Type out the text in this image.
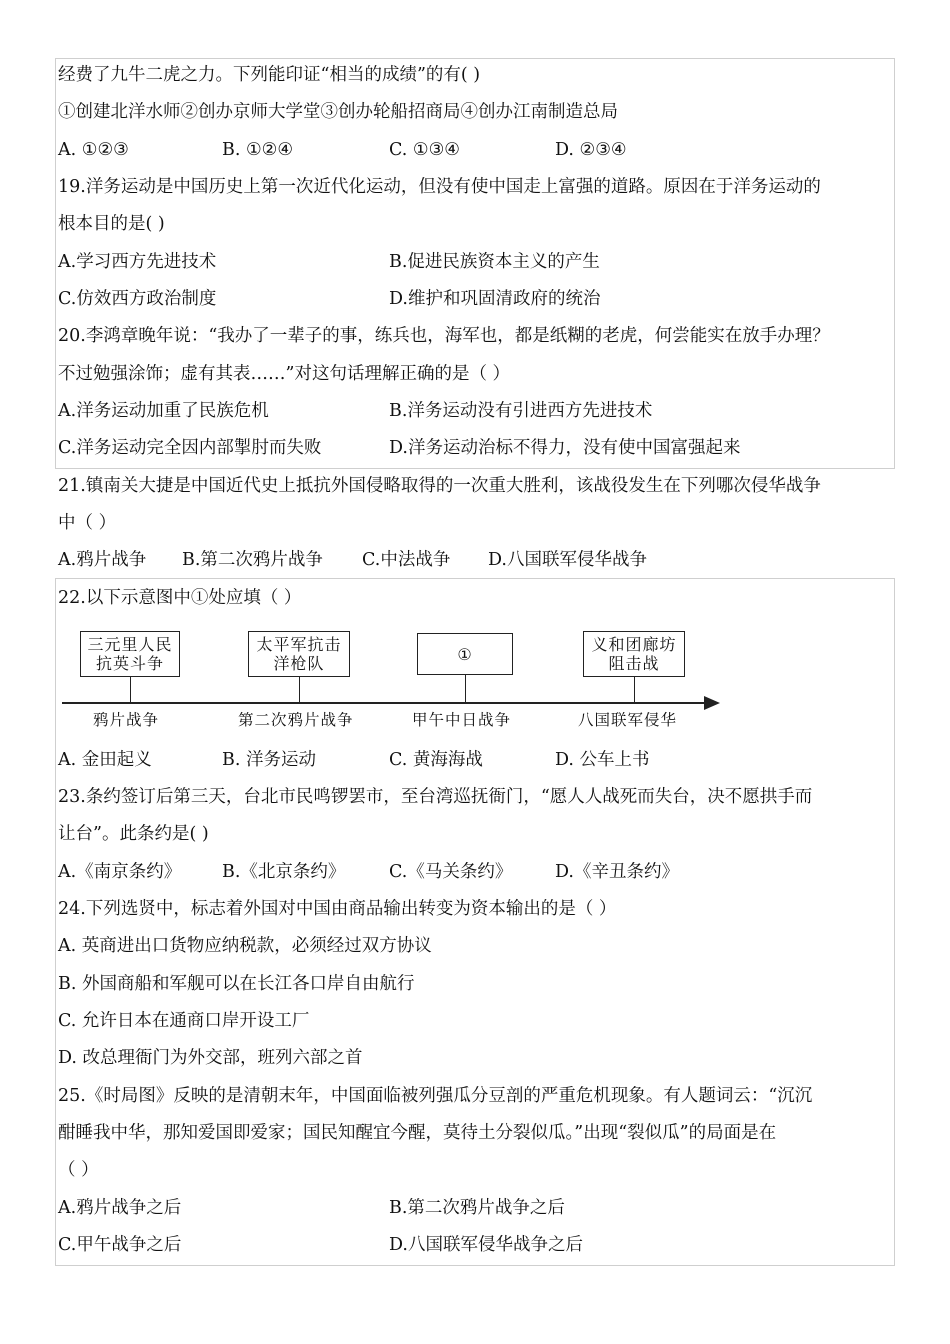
经费了九牛二虎之力。下列能印证“相当的成绩”的有( )
①创建北洋水师②创办京师大学堂③创办轮船招商局④创办江南制造总局
A. ①②③	B. ①②④	C. ①③④	D. ②③④
19.洋务运动是中国历史上第一次近代化运动，但没有使中国走上富强的道路。原因在于洋务运动的
根本目的是( )
A.学习西方先进技术	B.促进民族资本主义的产生
C.仿效西方政治制度	D.维护和巩固清政府的统治
20.李鸿章晚年说：“我办了一辈子的事，练兵也，海军也，都是纸糊的老虎，何尝能实在放手办理？
不过勉强涂饰；虚有其表……”对这句话理解正确的是（ ）
A.洋务运动加重了民族危机	B.洋务运动没有引进西方先进技术
C.洋务运动完全因内部掣肘而失败	D.洋务运动治标不得力，没有使中国富强起来
21.镇南关大捷是中国近代史上抵抗外国侵略取得的一次重大胜利，该战役发生在下列哪次侵华战争
中（ ）
A.鸦片战争 B.第二次鸦片战争 C.中法战争 D.八国联军侵华战争
22.以下示意图中①处应填（ ）
三元里人民
抗英斗争
太平军抗击
洋枪队	①	义和团廊坊
阻击战
鸦片战争	第二次鸦片战争	甲午中日战争	八国联军侵华
A. 金田起义	B. 洋务运动	C. 黄海海战	D. 公车上书
23.条约签订后第三天，台北市民鸣锣罢市，至台湾巡抚衙门，“愿人人战死而失台，决不愿拱手而
让台”。此条约是( )
A.《南京条约》 B.《北京条约》 C.《马关条约》 D.《辛丑条约》
24.下列选贤中，标志着外国对中国由商品输出转变为资本输出的是（ ）
A. 英商进出口货物应纳税款，必须经过双方协议
B. 外国商船和军舰可以在长江各口岸自由航行
C. 允许日本在通商口岸开设工厂
D. 改总理衙门为外交部，班列六部之首
25.《时局图》反映的是清朝末年，中国面临被列强瓜分豆剖的严重危机现象。有人题词云：“沉沉
酣睡我中华，那知爱国即爱家；国民知醒宜今醒，莫待土分裂似瓜。”出现“裂似瓜”的局面是在
（ ）
A.鸦片战争之后	B.第二次鸦片战争之后
C.甲午战争之后	D.八国联军侵华战争之后
